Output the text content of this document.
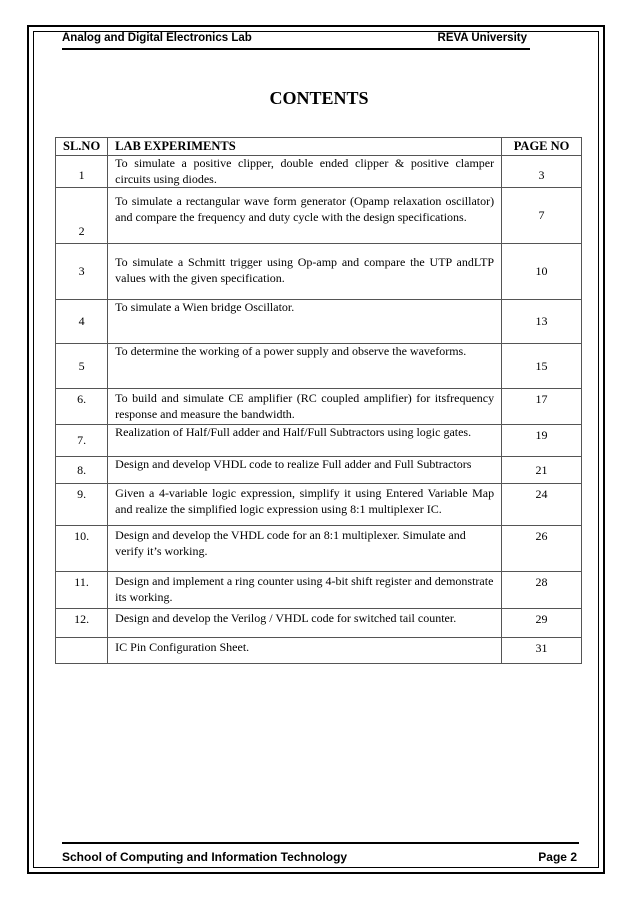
Analog and Digital Electronics Lab	REVA University
CONTENTS
SL.NO	LAB EXPERIMENTS	PAGE NO
1	To simulate a positive clipper, double ended clipper & positive clamper circuits using diodes.	3
2	To simulate a rectangular wave form generator (Opamp relaxation oscillator) and compare the frequency and duty cycle with the design specifications.	7
3	To simulate a Schmitt trigger using Op-amp and compare the UTP andLTP values with the given specification.	10
4	To simulate a Wien bridge Oscillator.	13
5	To determine the working of a power supply and observe the waveforms.	15
6.	To build and simulate CE amplifier (RC coupled amplifier) for itsfrequency response and measure the bandwidth.	17
7.	Realization of Half/Full adder and Half/Full Subtractors using logic gates.	19
8.	Design and develop VHDL code to realize Full adder and Full Subtractors	21
9.	Given a 4-variable logic expression, simplify it using Entered Variable Map and realize the simplified logic expression using 8:1 multiplexer IC.	24
10.	Design and develop the VHDL code for an 8:1 multiplexer. Simulate and verify it’s working.	26
11.	Design and implement a ring counter using 4-bit shift register and demonstrate its working.	28
12.	Design and develop the Verilog / VHDL code for switched tail counter.	29
	IC Pin Configuration Sheet.	31
School of Computing and Information Technology	Page 2
